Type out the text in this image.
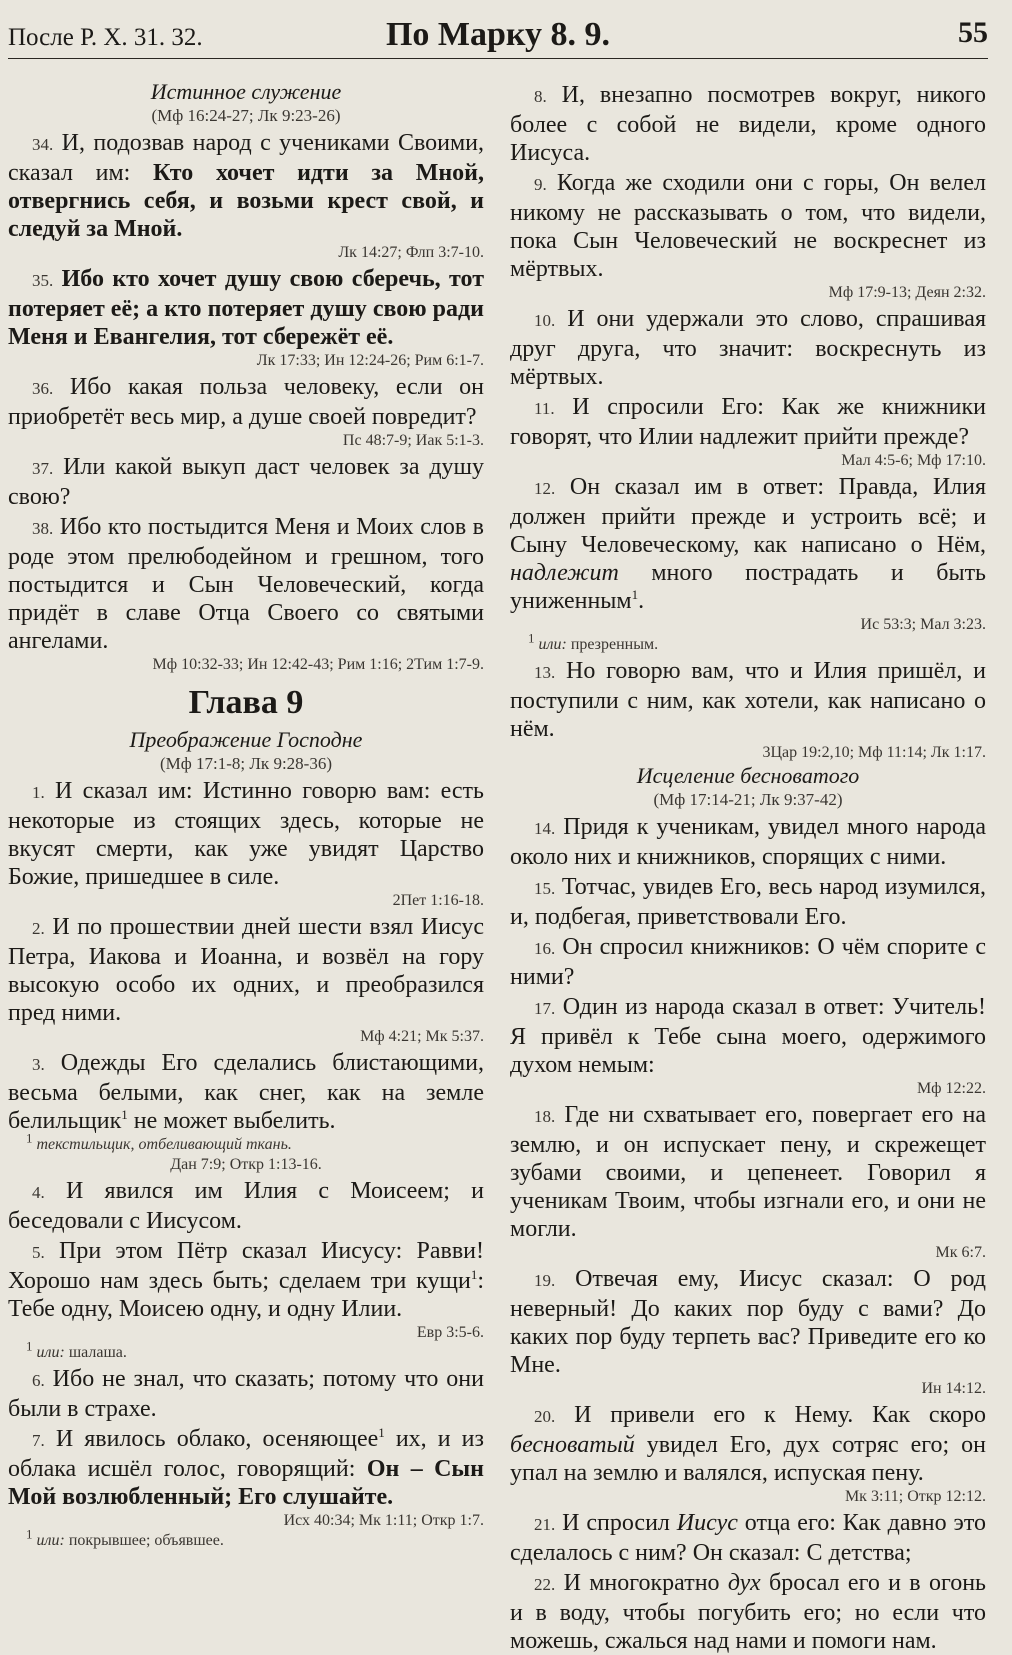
После Р. Х. 31. 32.	По Марку 8. 9.	55
Истинное служение
(Мф 16:24-27; Лк 9:23-26)

34. И, подозвав народ с учениками Своими, сказал им: Кто хочет идти за Мной, отвергнись себя, и возьми крест свой, и следуй за Мной.
Лк 14:27; Флп 3:7-10.

35. Ибо кто хочет душу свою сберечь, тот потеряет её; а кто потеряет душу свою ради Меня и Евангелия, тот сбережёт её.
Лк 17:33; Ин 12:24-26; Рим 6:1-7.

36. Ибо какая польза человеку, если он приобретёт весь мир, а душе своей повредит?
Пс 48:7-9; Иак 5:1-3.

37. Или какой выкуп даст человек за душу свою?

38. Ибо кто постыдится Меня и Моих слов в роде этом прелюбодейном и грешном, того постыдится и Сын Человеческий, когда придёт в славе Отца Своего со святыми ангелами.
Мф 10:32-33; Ин 12:42-43; Рим 1:16; 2Тим 1:7-9.

Глава 9
Преображение Господне
(Мф 17:1-8; Лк 9:28-36)

1. И сказал им: Истинно говорю вам: есть некоторые из стоящих здесь, которые не вкусят смерти, как уже увидят Царство Божие, пришедшее в силе.
2Пет 1:16-18.

2. И по прошествии дней шести взял Иисус Петра, Иакова и Иоанна, и возвёл на гору высокую особо их одних, и преобразился пред ними.
Мф 4:21; Мк 5:37.

3. Одежды Его сделались блистающими, весьма белыми, как снег, как на земле белильщик$^1$ не может выбелить.

$^1$ текстильщик, отбеливающий ткань.
Дан 7:9; Откр 1:13-16.

4. И явился им Илия с Моисеем; и беседовали с Иисусом.

5. При этом Пётр сказал Иисусу: Равви! Хорошо нам здесь быть; сделаем три кущи$^1$: Тебе одну, Моисею одну, и одну Илии.
Евр 3:5-6.

$^1$ или: шалаша.

6. Ибо не знал, что сказать; потому что они были в страхе.

7. И явилось облако, осеняющее$^1$ их, и из облака исшёл голос, говорящий: Он – Сын Мой возлюбленный; Его слушайте.
Исх 40:34; Мк 1:11; Откр 1:7.

$^1$ или: покрывшее; объявшее.

8. И, внезапно посмотрев вокруг, никого более с собой не видели, кроме одного Иисуса.

9. Когда же сходили они с горы, Он велел никому не рассказывать о том, что видели, пока Сын Человеческий не воскреснет из мёртвых.
Мф 17:9-13; Деян 2:32.

10. И они удержали это слово, спрашивая друг друга, что значит: воскреснуть из мёртвых.

11. И спросили Его: Как же книжники говорят, что Илии надлежит прийти прежде?
Мал 4:5-6; Мф 17:10.

12. Он сказал им в ответ: Правда, Илия должен прийти прежде и устроить всё; и Сыну Человеческому, как написано о Нём, надлежит много пострадать и быть униженным$^1$.
Ис 53:3; Мал 3:23.

$^1$ или: презренным.

13. Но говорю вам, что и Илия пришёл, и поступили с ним, как хотели, как написано о нём.
3Цар 19:2,10; Мф 11:14; Лк 1:17.

Исцеление бесноватого
(Мф 17:14-21; Лк 9:37-42)

14. Придя к ученикам, увидел много народа около них и книжников, спорящих с ними.

15. Тотчас, увидев Его, весь народ изумился, и, подбегая, приветствовали Его.

16. Он спросил книжников: О чём спорите с ними?

17. Один из народа сказал в ответ: Учитель! Я привёл к Тебе сына моего, одержимого духом немым:
Мф 12:22.

18. Где ни схватывает его, повергает его на землю, и он испускает пену, и скрежещет зубами своими, и цепенеет. Говорил я ученикам Твоим, чтобы изгнали его, и они не могли.
Мк 6:7.

19. Отвечая ему, Иисус сказал: О род неверный! До каких пор буду с вами? До каких пор буду терпеть вас? Приведите его ко Мне.
Ин 14:12.

20. И привели его к Нему. Как скоро бесноватый увидел Его, дух сотряс его; он упал на землю и валялся, испуская пену.
Мк 3:11; Откр 12:12.

21. И спросил Иисус отца его: Как давно это сделалось с ним? Он сказал: С детства;

22. И многократно дух бросал его и в огонь и в воду, чтобы погубить его; но если что можешь, сжалься над нами и помоги нам.
